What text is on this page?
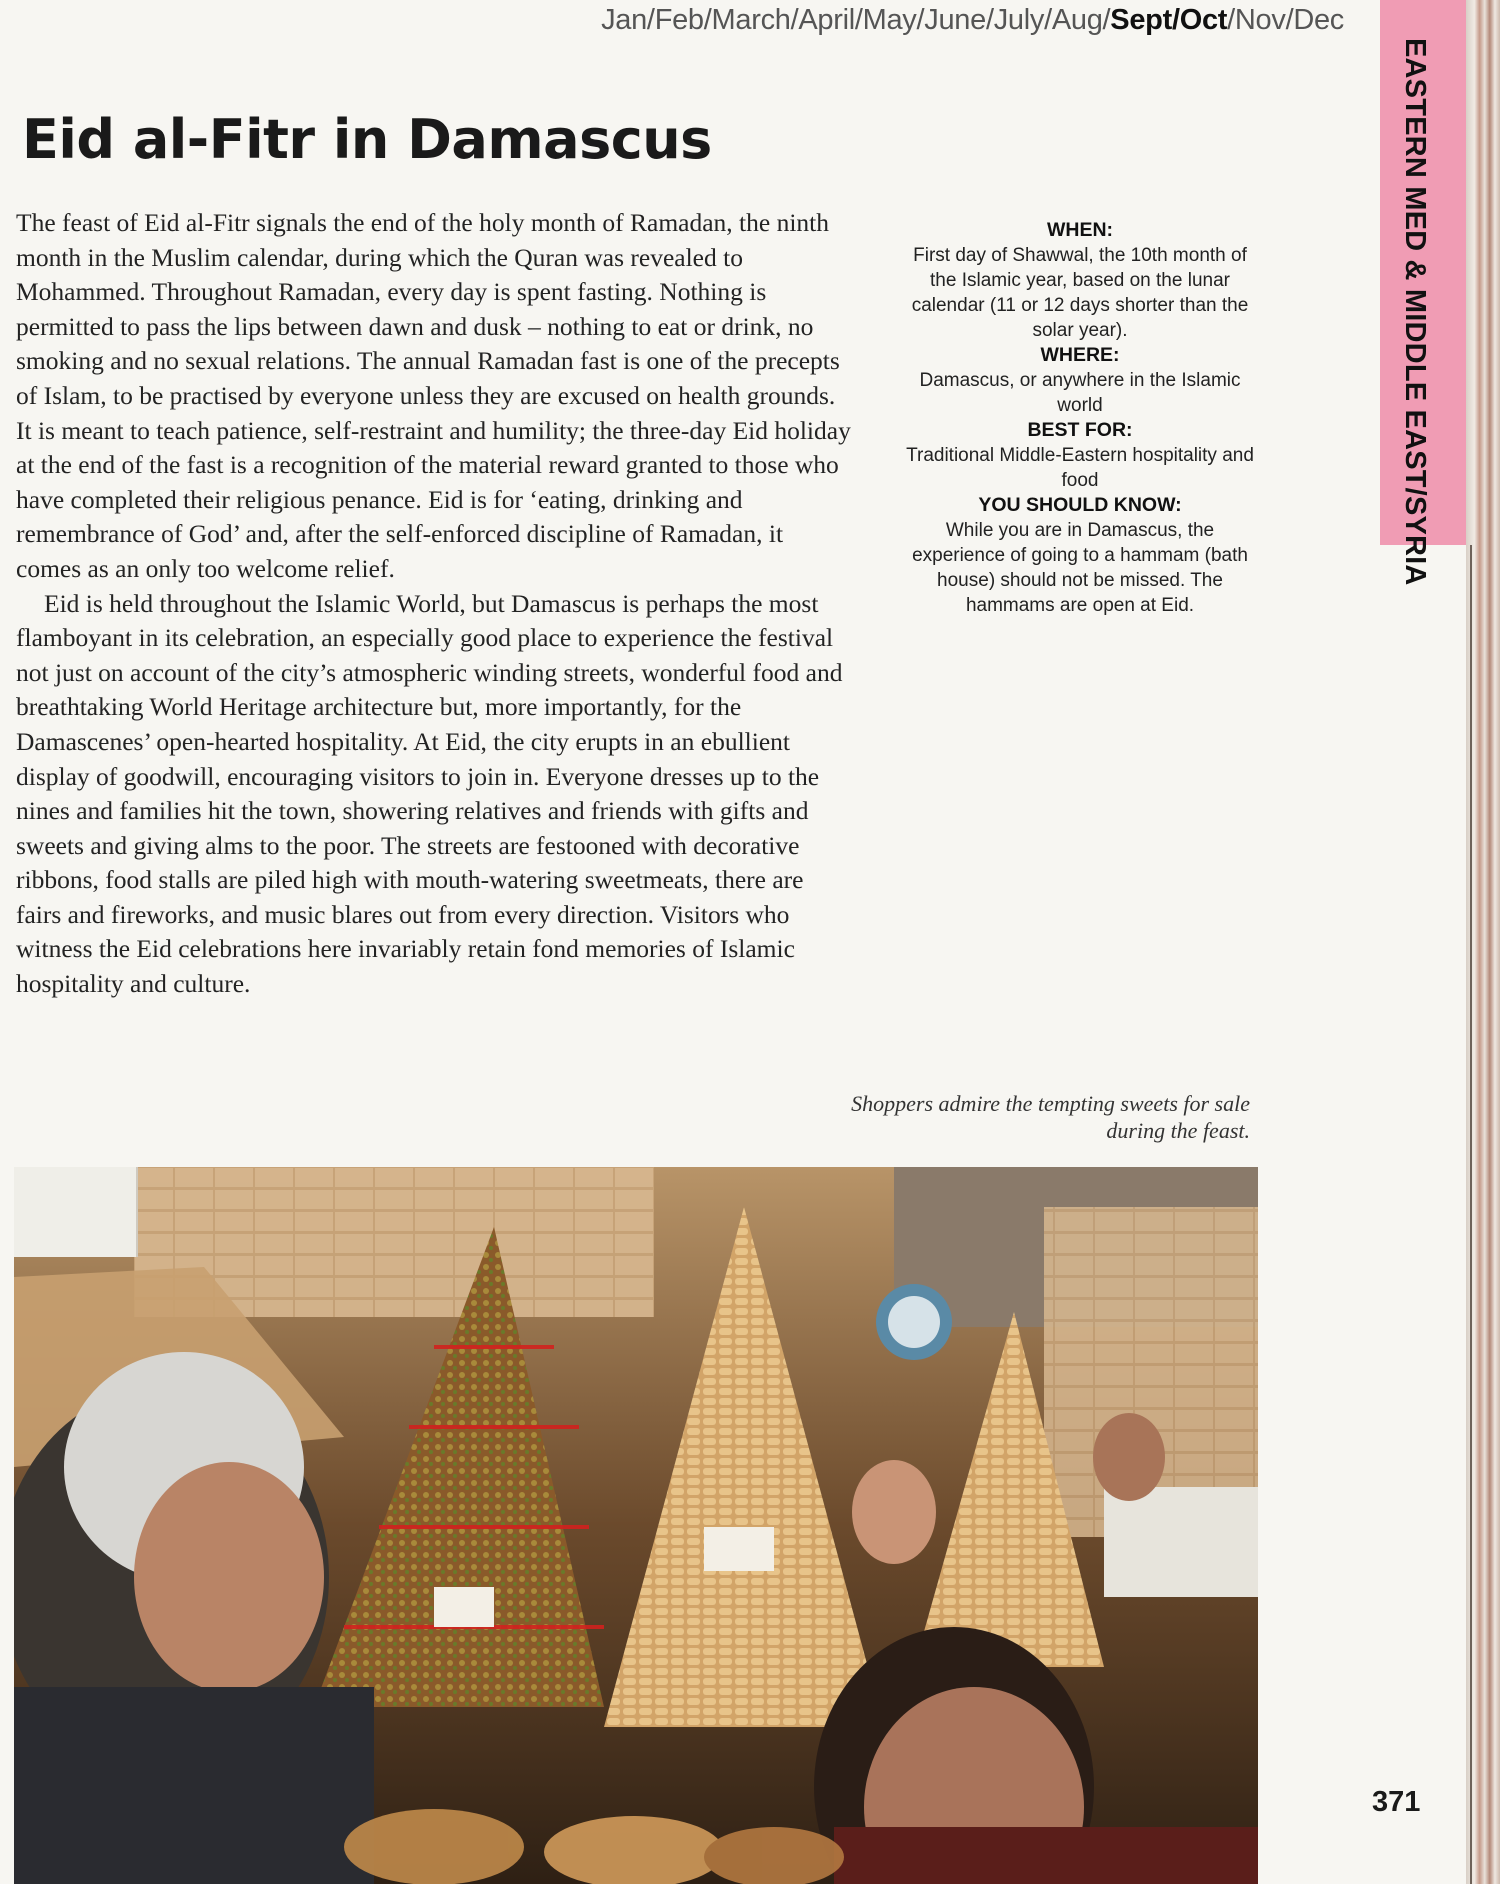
Jan/Feb/March/April/May/June/July/Aug/Sept/Oct/Nov/Dec
Eid al-Fitr in Damascus

The feast of Eid al-Fitr signals the end of the holy month of Ramadan, the ninth month in the Muslim calendar, during which the Quran was revealed to Mohammed. Throughout Ramadan, every day is spent fasting. Nothing is permitted to pass the lips between dawn and dusk – nothing to eat or drink, no smoking and no sexual relations. The annual Ramadan fast is one of the precepts of Islam, to be practised by everyone unless they are excused on health grounds. It is meant to teach patience, self-restraint and humility; the three-day Eid holiday at the end of the fast is a recognition of the material reward granted to those who have completed their religious penance. Eid is for ‘eating, drinking and remembrance of God’ and, after the self-enforced discipline of Ramadan, it comes as an only too welcome relief.

Eid is held throughout the Islamic World, but Damascus is perhaps the most flamboyant in its celebration, an especially good place to experience the festival not just on account of the city’s atmospheric winding streets, wonderful food and breathtaking World Heritage architecture but, more importantly, for the Damascenes’ open-hearted hospitality. At Eid, the city erupts in an ebullient display of goodwill, encouraging visitors to join in. Everyone dresses up to the nines and families hit the town, showering relatives and friends with gifts and sweets and giving alms to the poor. The streets are festooned with decorative ribbons, food stalls are piled high with mouth-watering sweetmeats, there are fairs and fireworks, and music blares out from every direction. Visitors who witness the Eid celebrations here invariably retain fond memories of Islamic hospitality and culture.

WHEN:
First day of Shawwal, the 10th month of the Islamic year, based on the lunar calendar (11 or 12 days shorter than the solar year).
WHERE:
Damascus, or anywhere in the Islamic world
BEST FOR:
Traditional Middle-Eastern hospitality and food
YOU SHOULD KNOW:
While you are in Damascus, the experience of going to a hammam (bath house) should not be missed. The hammams are open at Eid.
Shoppers admire the tempting sweets for sale during the feast.
EASTERN MED & MIDDLE EAST/SYRIA
371
